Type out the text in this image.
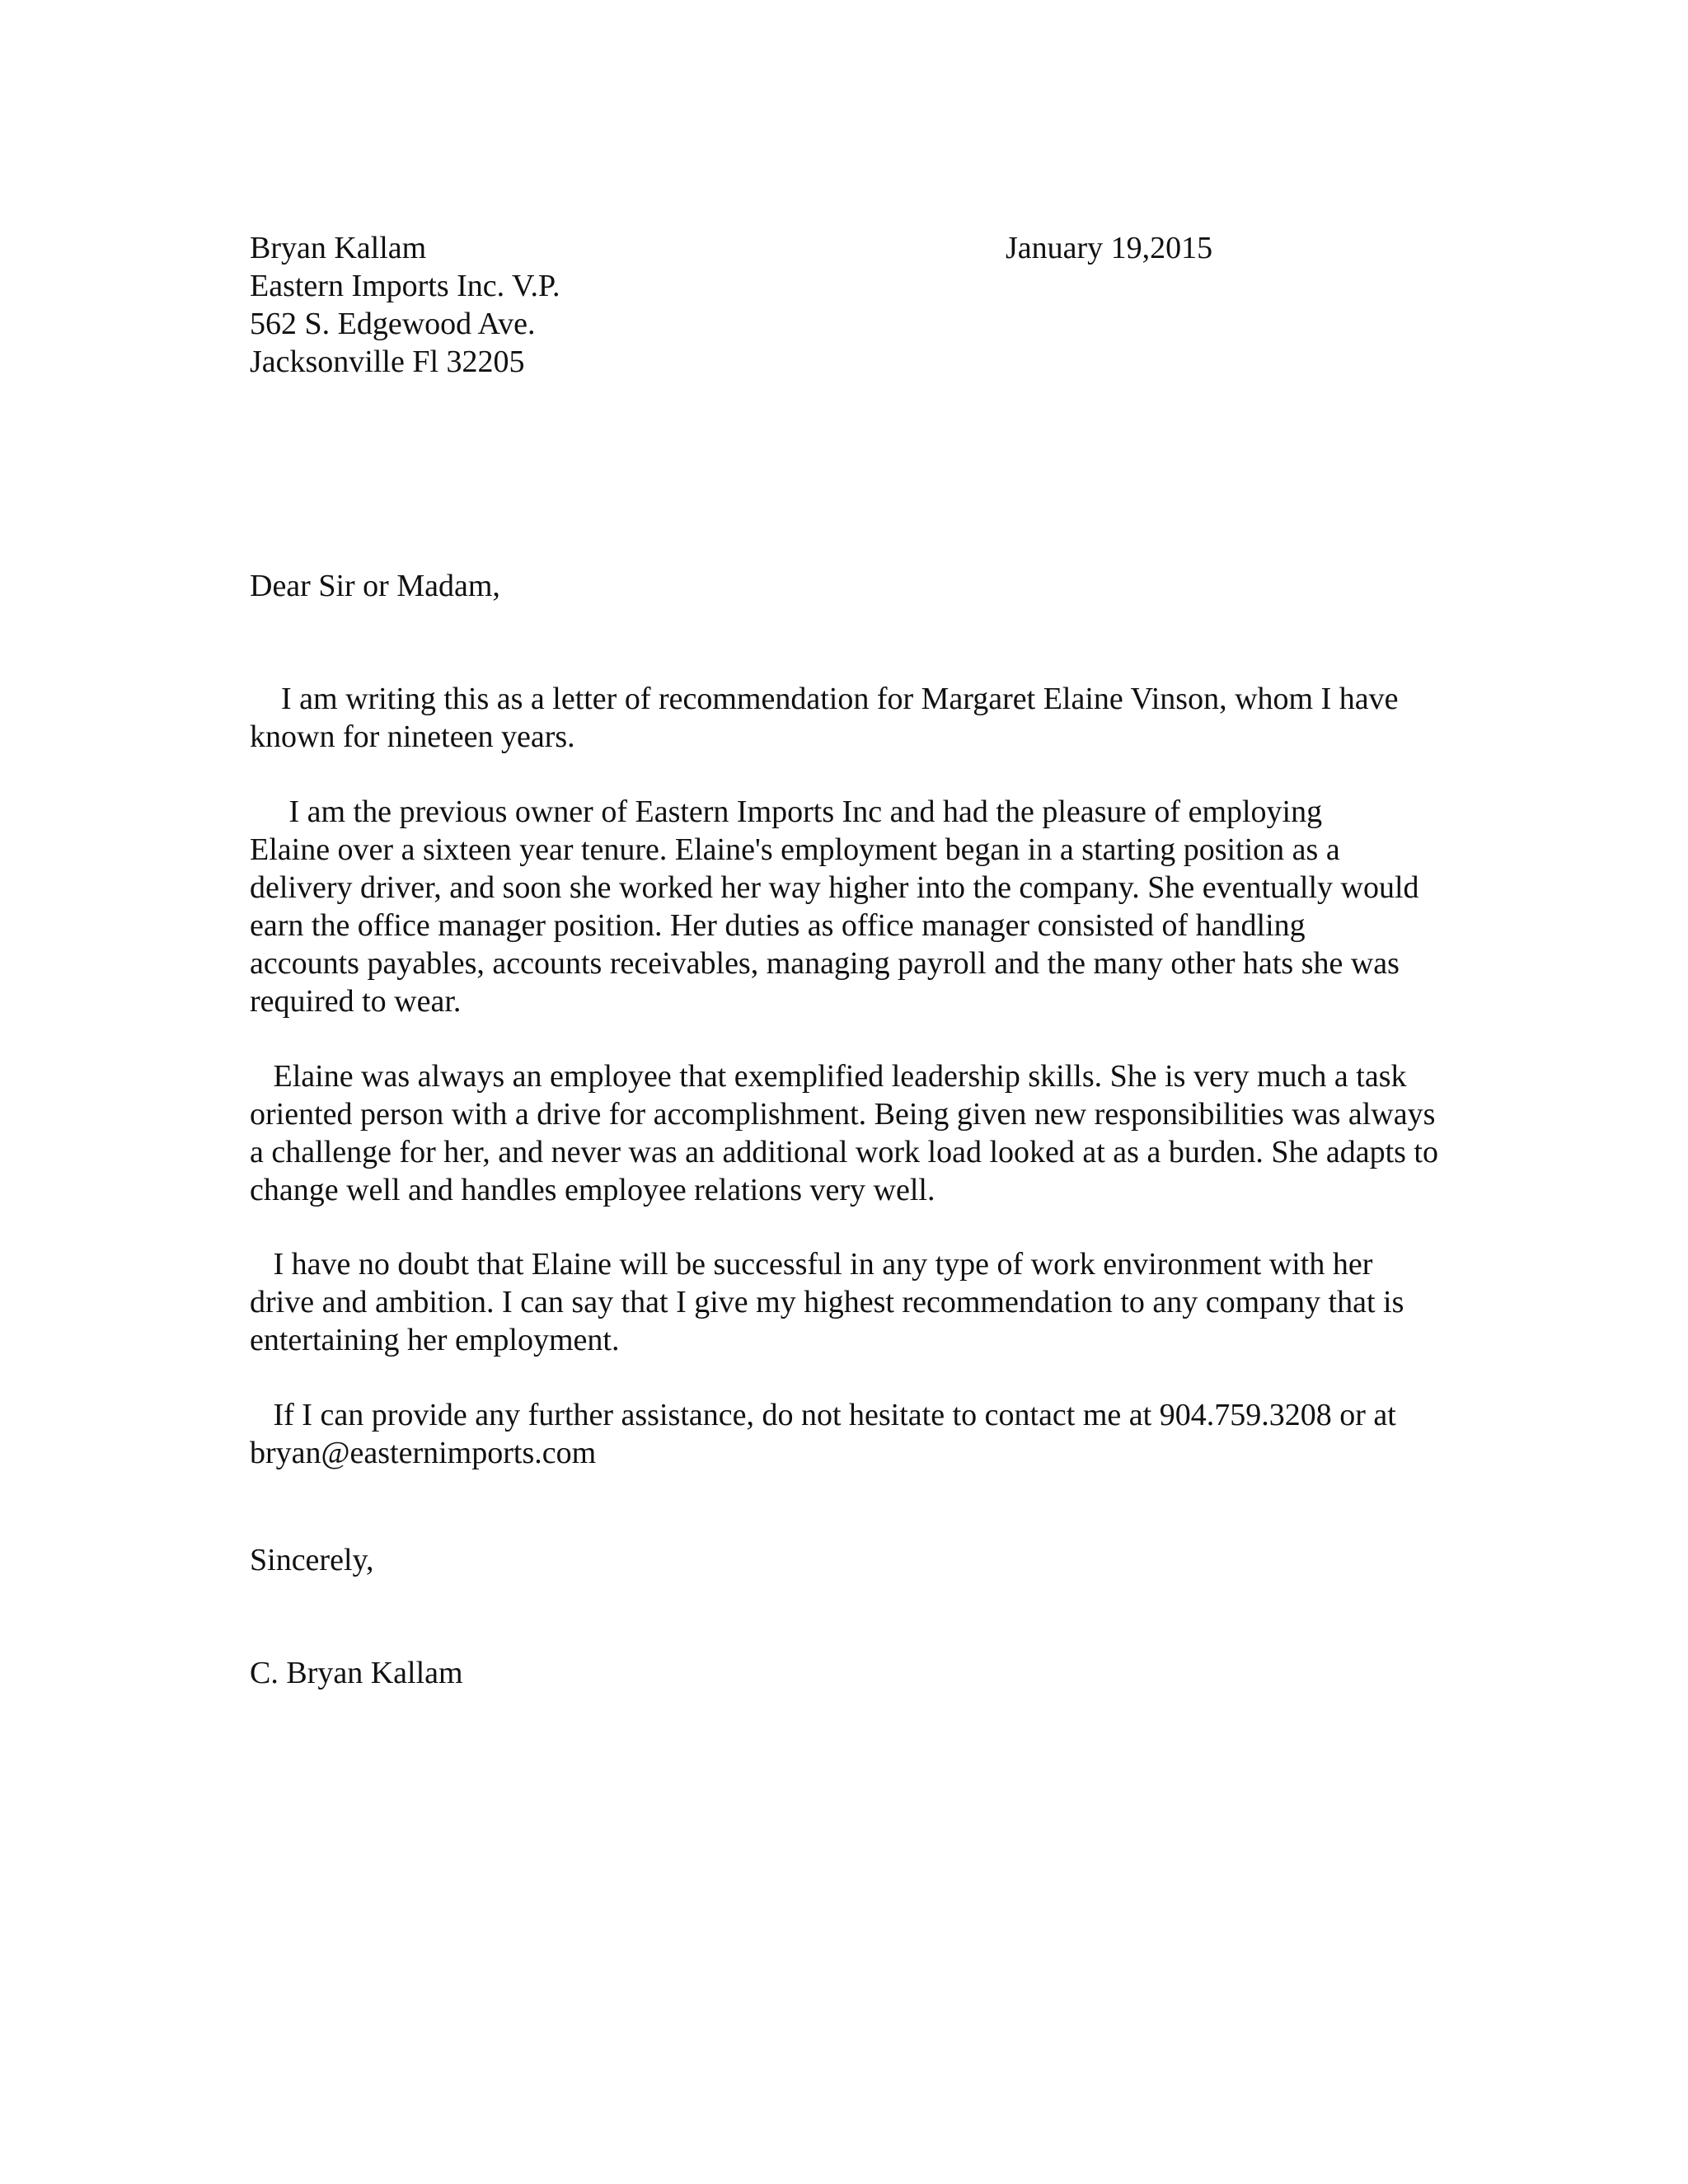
Bryan Kallam
Eastern Imports Inc. V.P.
562 S. Edgewood Ave.
Jacksonville Fl 32205
January 19,2015
Dear Sir or Madam,
I am writing this as a letter of recommendation for Margaret Elaine Vinson, whom I have
known for nineteen years.
I am the previous owner of Eastern Imports Inc and had the pleasure of employing
Elaine over a sixteen year tenure. Elaine's employment began in a starting position as a
delivery driver, and soon she worked her way higher into the company. She eventually would
earn the office manager position. Her duties as office manager consisted of handling
accounts payables, accounts receivables, managing payroll and the many other hats she was
required to wear.
Elaine was always an employee that exemplified leadership skills. She is very much a task
oriented person with a drive for accomplishment. Being given new responsibilities was always
a challenge for her, and never was an additional work load looked at as a burden. She adapts to
change well and handles employee relations very well.
I have no doubt that Elaine will be successful in any type of work environment with her
drive and ambition. I can say that I give my highest recommendation to any company that is
entertaining her employment.
If I can provide any further assistance, do not hesitate to contact me at 904.759.3208 or at
bryan@easternimports.com
Sincerely,
C. Bryan Kallam
